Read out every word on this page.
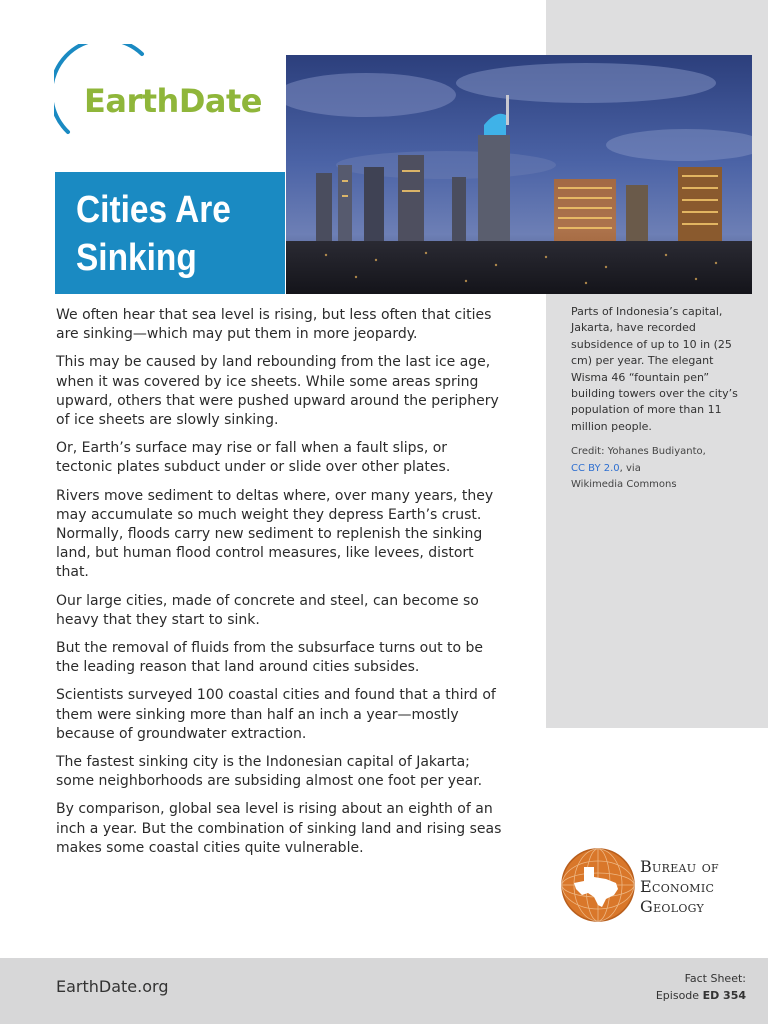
EarthDate
Cities Are
Sinking

We often hear that sea level is rising, but less often that cities are sinking—which may put them in more jeopardy.

This may be caused by land rebounding from the last ice age, when it was covered by ice sheets. While some areas spring upward, others that were pushed upward around the periphery of ice sheets are slowly sinking.

Or, Earth’s surface may rise or fall when a fault slips, or tectonic plates subduct under or slide over other plates.

Rivers move sediment to deltas where, over many years, they may accumulate so much weight they depress Earth’s crust. Normally, floods carry new sediment to replenish the sinking land, but human flood control measures, like levees, distort that.

Our large cities, made of concrete and steel, can become so heavy that they start to sink.

But the removal of fluids from the subsurface turns out to be the leading reason that land around cities subsides.

Scientists surveyed 100 coastal cities and found that a third of them were sinking more than half an inch a year—mostly because of groundwater extraction.

The fastest sinking city is the Indonesian capital of Jakarta; some neighborhoods are subsiding almost one foot per year.

By comparison, global sea level is rising about an eighth of an inch a year. But the combination of sinking land and rising seas makes some coastal cities quite vulnerable.

Parts of Indonesia’s capital, Jakarta, have recorded subsidence of up to 10 in (25 cm) per year. The elegant Wisma 46 “fountain pen” building towers over the city’s population of more than 11 million people.
Credit: Yohanes Budiyanto,
CC BY 2.0, via
Wikimedia Commons
Bureau of
Economic
Geology
EarthDate.org	Fact Sheet:
Episode ED 354
